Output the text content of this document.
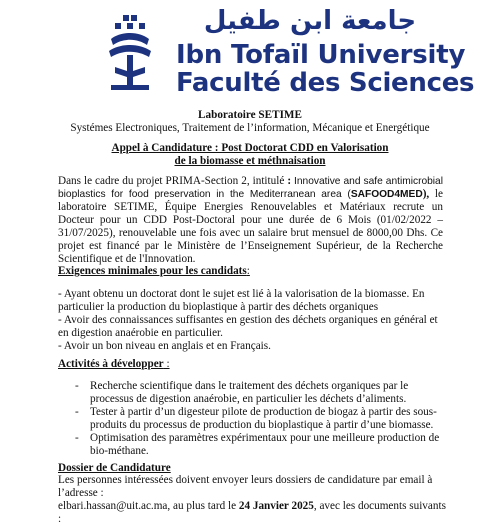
جامعة ابن طفيل
Ibn Tofaïl University
Faculté des Sciences
Laboratoire SETIME
Systémes Electroniques, Traitement de l’information, Mécanique et Energétique
Appel à Candidature : Post Doctorat CDD en Valorisation de la biomasse et méthnaisation
Dans le cadre du projet PRIMA-Section 2, intitulé : Innovative and safe antimicrobial bioplastics for food preservation in the Mediterranean area (SAFOOD4MED), le laboratoire SETIME, Équipe Energies Renouvelables et Matériaux recrute un Docteur pour un CDD Post-Doctoral pour une durée de 6 Mois (01/02/2022 – 31/07/2025), renouvelable une fois avec un salaire brut mensuel de 8000,00 Dhs. Ce projet est financé par le Ministère de l’Enseignement Supérieur, de la Recherche Scientifique et de l'Innovation.
Exigences minimales pour les candidats:

- Ayant obtenu un doctorat dont le sujet est lié à la valorisation de la biomasse. En particulier la production du bioplastique à partir des déchets organiques

- Avoir des connaissances suffisantes en gestion des déchets organiques en général et en digestion anaérobie en particulier.

- Avoir un bon niveau en anglais et en Français.

Activités à développer :
- Recherche scientifique dans le traitement des déchets organiques par le processus de digestion anaérobie, en particulier les déchets d’aliments.
- Tester à partir d’un digesteur pilote de production de biogaz à partir des sous-produits du processus de production du bioplastique à partir d’une biomasse.
- Optimisation des paramètres expérimentaux pour une meilleure production de bio-méthane.
Dossier de Candidature
Les personnes intéressées doivent envoyer leurs dossiers de candidature par email à l’adresse :
elbari.hassan@uit.ac.ma, au plus tard le 24 Janvier 2025, avec les documents suivants :
